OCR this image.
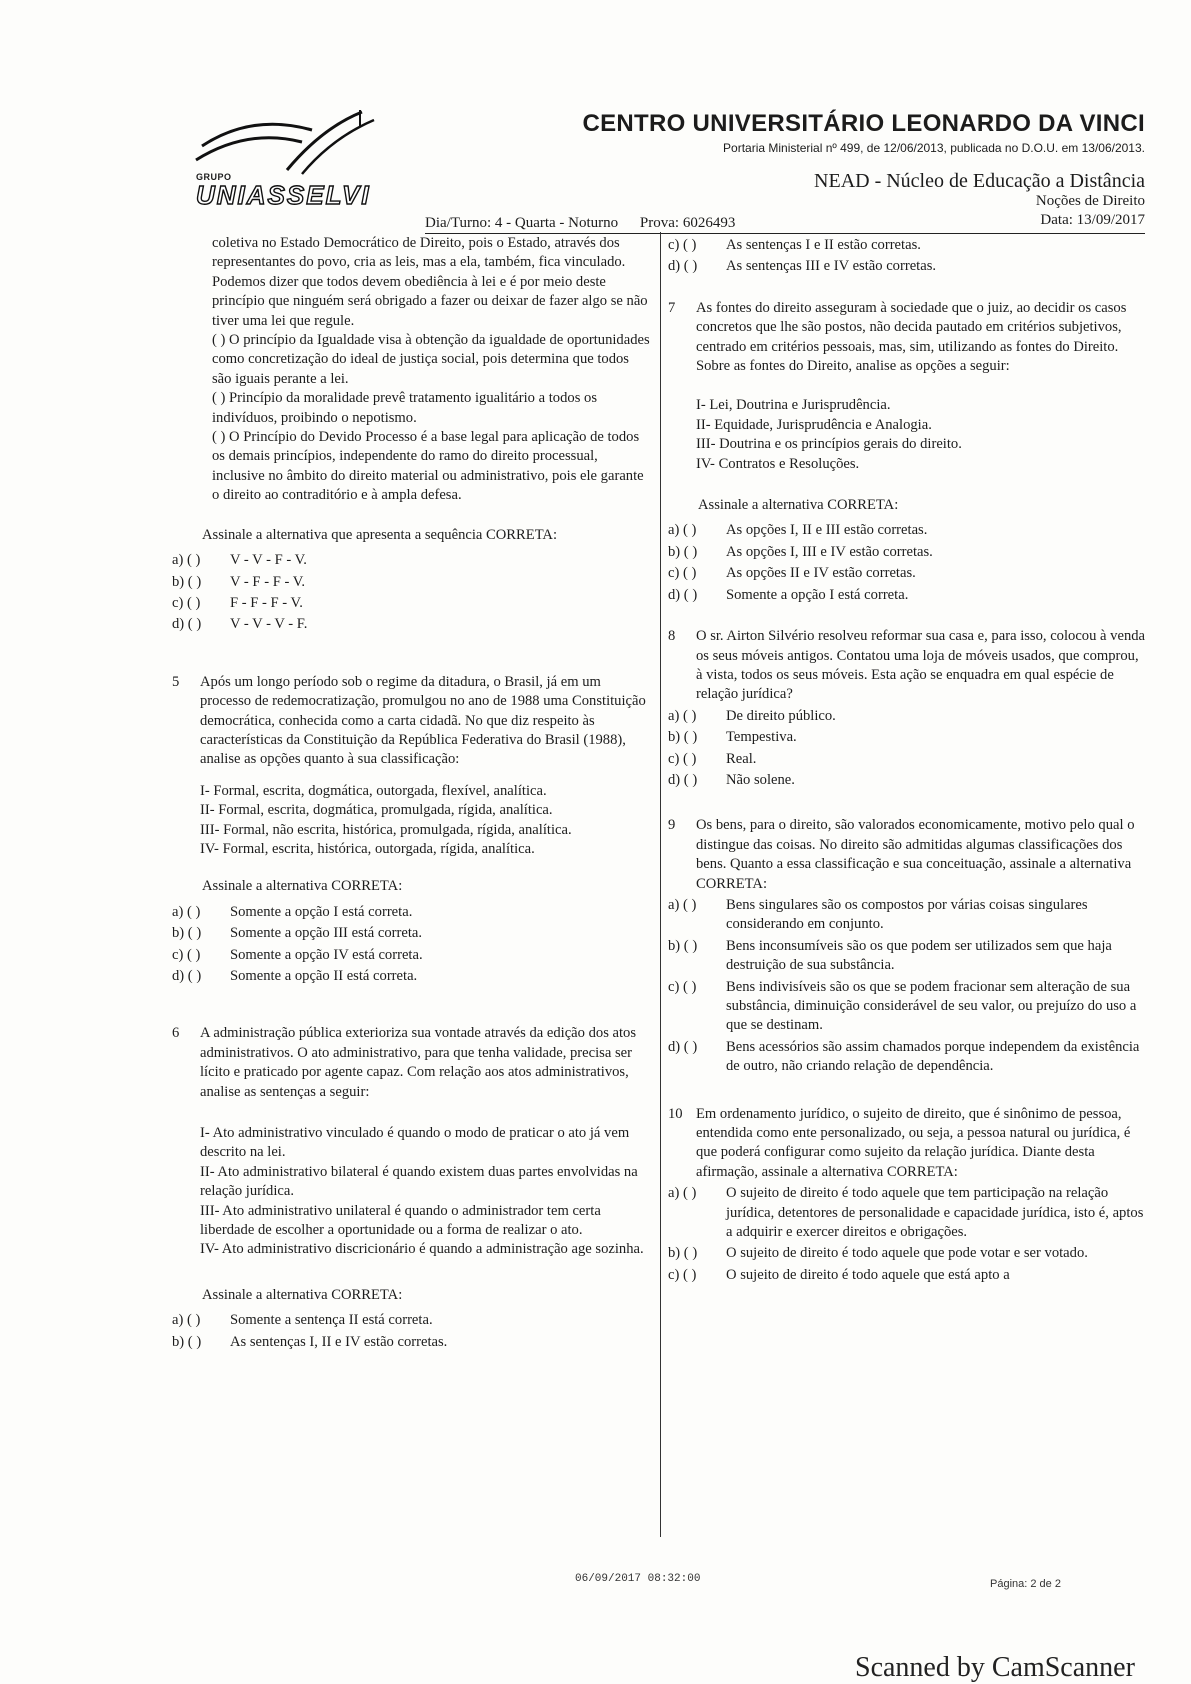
GRUPO
UNIASSELVI
CENTRO UNIVERSITÁRIO LEONARDO DA VINCI
Portaria Ministerial nº 499, de 12/06/2013, publicada no D.O.U. em 13/06/2013.
NEAD - Núcleo de Educação a Distância
Noções de Direito
Data: 13/09/2017
Dia/Turno: 4 - Quarta - Noturno Prova: 6026493

coletiva no Estado Democrático de Direito, pois o Estado, através dos representantes do povo, cria as leis, mas a ela, também, fica vinculado. Podemos dizer que todos devem obediência à lei e é por meio deste princípio que ninguém será obrigado a fazer ou deixar de fazer algo se não tiver uma lei que regule.

( ) O princípio da Igualdade visa à obtenção da igualdade de oportunidades como concretização do ideal de justiça social, pois determina que todos são iguais perante a lei.

( ) Princípio da moralidade prevê tratamento igualitário a todos os indivíduos, proibindo o nepotismo.

( ) O Princípio do Devido Processo é a base legal para aplicação de todos os demais princípios, independente do ramo do direito processual, inclusive no âmbito do direito material ou administrativo, pois ele garante o direito ao contraditório e à ampla defesa.

Assinale a alternativa que apresenta a sequência CORRETA:

a) ( )	V - V - F - V.
b) ( )	V - F - F - V.
c) ( )	F - F - F - V.
d) ( )	V - V - V - F.
5	Após um longo período sob o regime da ditadura, o Brasil, já em um processo de redemocratização, promulgou no ano de 1988 uma Constituição democrática, conhecida como a carta cidadã. No que diz respeito às características da Constituição da República Federativa do Brasil (1988), analise as opções quanto à sua classificação:

I- Formal, escrita, dogmática, outorgada, flexível, analítica.

II- Formal, escrita, dogmática, promulgada, rígida, analítica.

III- Formal, não escrita, histórica, promulgada, rígida, analítica.

IV- Formal, escrita, histórica, outorgada, rígida, analítica.

Assinale a alternativa CORRETA:

a) ( )	Somente a opção I está correta.
b) ( )	Somente a opção III está correta.
c) ( )	Somente a opção IV está correta.
d) ( )	Somente a opção II está correta.
6	A administração pública exterioriza sua vontade através da edição dos atos administrativos. O ato administrativo, para que tenha validade, precisa ser lícito e praticado por agente capaz. Com relação aos atos administrativos, analise as sentenças a seguir:

I- Ato administrativo vinculado é quando o modo de praticar o ato já vem descrito na lei.

II- Ato administrativo bilateral é quando existem duas partes envolvidas na relação jurídica.

III- Ato administrativo unilateral é quando o administrador tem certa liberdade de escolher a oportunidade ou a forma de realizar o ato.

IV- Ato administrativo discricionário é quando a administração age sozinha.

Assinale a alternativa CORRETA:

a) ( )	Somente a sentença II está correta.
b) ( )	As sentenças I, II e IV estão corretas.
c) ( )	As sentenças I e II estão corretas.
d) ( )	As sentenças III e IV estão corretas.
7	As fontes do direito asseguram à sociedade que o juiz, ao decidir os casos concretos que lhe são postos, não decida pautado em critérios subjetivos, centrado em critérios pessoais, mas, sim, utilizando as fontes do Direito. Sobre as fontes do Direito, analise as opções a seguir:

I- Lei, Doutrina e Jurisprudência.

II- Equidade, Jurisprudência e Analogia.

III- Doutrina e os princípios gerais do direito.

IV- Contratos e Resoluções.

Assinale a alternativa CORRETA:

a) ( )	As opções I, II e III estão corretas.
b) ( )	As opções I, III e IV estão corretas.
c) ( )	As opções II e IV estão corretas.
d) ( )	Somente a opção I está correta.
8	O sr. Airton Silvério resolveu reformar sua casa e, para isso, colocou à venda os seus móveis antigos. Contatou uma loja de móveis usados, que comprou, à vista, todos os seus móveis. Esta ação se enquadra em qual espécie de relação jurídica?

a) ( )	De direito público.
b) ( )	Tempestiva.
c) ( )	Real.
d) ( )	Não solene.
9	Os bens, para o direito, são valorados economicamente, motivo pelo qual o distingue das coisas. No direito são admitidas algumas classificações dos bens. Quanto a essa classificação e sua conceituação, assinale a alternativa CORRETA:

a) ( )	Bens singulares são os compostos por várias coisas singulares considerando em conjunto.
b) ( )	Bens inconsumíveis são os que podem ser utilizados sem que haja destruição de sua substância.
c) ( )	Bens indivisíveis são os que se podem fracionar sem alteração de sua substância, diminuição considerável de seu valor, ou prejuízo do uso a que se destinam.
d) ( )	Bens acessórios são assim chamados porque independem da existência de outro, não criando relação de dependência.
10 Em ordenamento jurídico, o sujeito de direito, que é sinônimo de pessoa, entendida como ente personalizado, ou seja, a pessoa natural ou jurídica, é que poderá configurar como sujeito da relação jurídica. Diante desta afirmação, assinale a alternativa CORRETA:

a) ( )	O sujeito de direito é todo aquele que tem participação na relação jurídica, detentores de personalidade e capacidade jurídica, isto é, aptos a adquirir e exercer direitos e obrigações.
b) ( )	O sujeito de direito é todo aquele que pode votar e ser votado.
c) ( )	O sujeito de direito é todo aquele que está apto a
06/09/2017 08:32:00	Página: 2 de 2
Scanned by CamScanner
